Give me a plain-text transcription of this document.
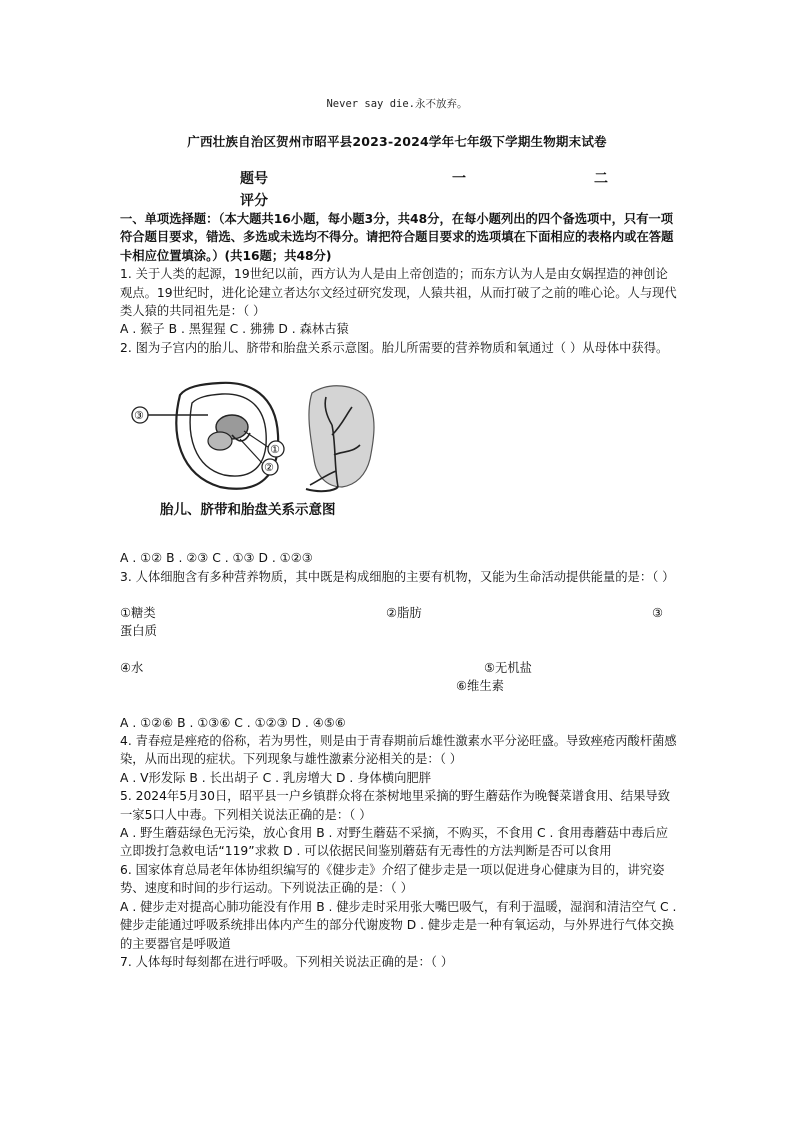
Never say die.永不放弃。
广西壮族自治区贺州市昭平县2023-2024学年七年级下学期生物期末试卷
题号	一	二
评分

一、单项选择题：（本大题共16小题，每小题3分，共48分，在每小题列出的四个备选项中，只有一项符合题目要求，错选、多选或未选均不得分。请把符合题目要求的选项填在下面相应的表格内或在答题卡相应位置填涂。）(共16题；共48分)

1. 关于人类的起源，19世纪以前，西方认为人是由上帝创造的；而东方认为人是由女娲捏造的神创论观点。19世纪时，进化论建立者达尔文经过研究发现，人猿共祖，从而打破了之前的唯心论。人与现代类人猿的共同祖先是：（ ）

A . 猴子 B . 黑猩猩 C . 狒狒 D . 森林古猿

2. 图为子宫内的胎儿、脐带和胎盘关系示意图。胎儿所需要的营养物质和氧通过（ ）从母体中获得。

③
①
②
胎儿、脐带和胎盘关系示意图

A . ①② B . ②③ C . ①③ D . ①②③

3. 人体细胞含有多种营养物质，其中既是构成细胞的主要有机物，又能为生命活动提供能量的是：（ ）

①糖类	②脂肪	③

蛋白质

④水	⑤无机盐
⑥维生素

A . ①②⑥ B . ①③⑥ C . ①②③ D . ④⑤⑥

4. 青春痘是痤疮的俗称，若为男性，则是由于青春期前后雄性激素水平分泌旺盛。导致痤疮丙酸杆菌感染，从而出现的症状。下列现象与雄性激素分泌相关的是：（ ）

A . V形发际 B . 长出胡子 C . 乳房增大 D . 身体横向肥胖

5. 2024年5月30日，昭平县一户乡镇群众将在茶树地里采摘的野生蘑菇作为晚餐菜谱食用、结果导致一家5口人中毒。下列相关说法正确的是：（ ）

A . 野生蘑菇绿色无污染，放心食用 B . 对野生蘑菇不采摘，不购买，不食用 C . 食用毒蘑菇中毒后应立即拨打急救电话“119”求救 D . 可以依据民间鉴别蘑菇有无毒性的方法判断是否可以食用

6. 国家体育总局老年体协组织编写的《健步走》介绍了健步走是一项以促进身心健康为目的，讲究姿势、速度和时间的步行运动。下列说法正确的是：（ ）

A . 健步走对提高心肺功能没有作用 B . 健步走时采用张大嘴巴吸气，有利于温暖，湿润和清洁空气 C . 健步走能通过呼吸系统排出体内产生的部分代谢废物 D . 健步走是一种有氧运动，与外界进行气体交换的主要器官是呼吸道

7. 人体每时每刻都在进行呼吸。下列相关说法正确的是：（ ）
